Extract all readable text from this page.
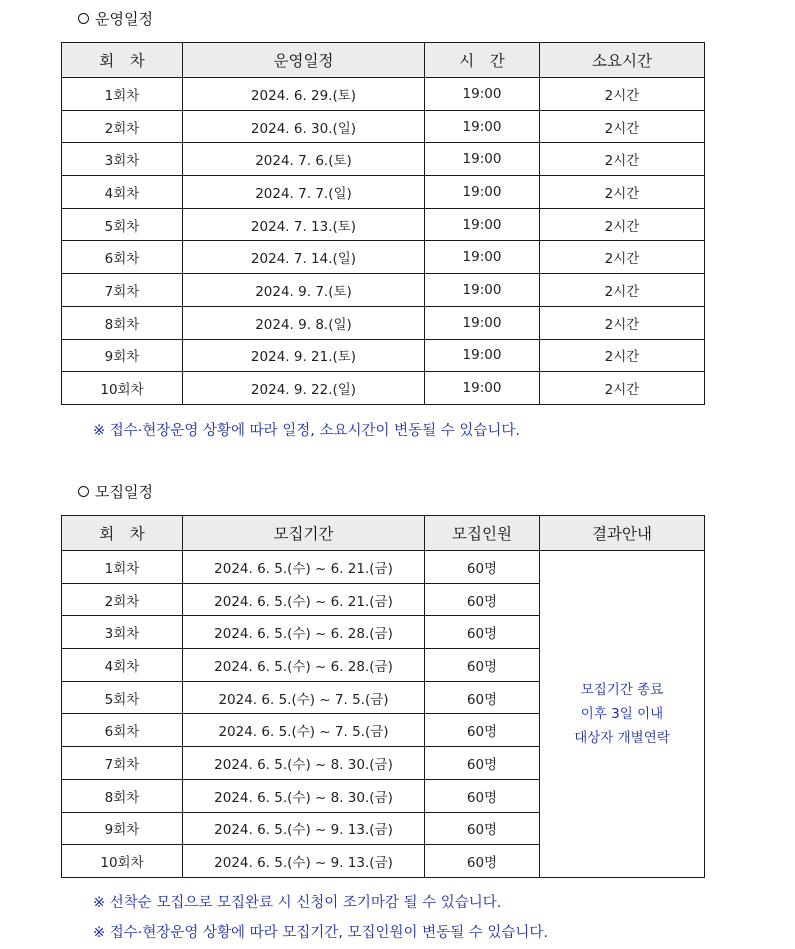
운영일정
회　차	운영일정	시　간	소요시간
1회차	2024. 6. 29.(토)	19:00	2시간
2회차	2024. 6. 30.(일)	19:00	2시간
3회차	2024. 7. 6.(토)	19:00	2시간
4회차	2024. 7. 7.(일)	19:00	2시간
5회차	2024. 7. 13.(토)	19:00	2시간
6회차	2024. 7. 14.(일)	19:00	2시간
7회차	2024. 9. 7.(토)	19:00	2시간
8회차	2024. 9. 8.(일)	19:00	2시간
9회차	2024. 9. 21.(토)	19:00	2시간
10회차	2024. 9. 22.(일)	19:00	2시간
※ 접수·현장운영 상황에 따라 일정, 소요시간이 변동될 수 있습니다.
모집일정
회　차	모집기간	모집인원	결과안내
1회차	2024. 6. 5.(수) ~ 6. 21.(금)	60명	모집기간 종료
이후 3일 이내
대상자 개별연락

2회차	2024. 6. 5.(수) ~ 6. 21.(금)	60명	
3회차	2024. 6. 5.(수) ~ 6. 28.(금)	60명	
4회차	2024. 6. 5.(수) ~ 6. 28.(금)	60명	
5회차	2024. 6. 5.(수) ~ 7. 5.(금)	60명	
6회차	2024. 6. 5.(수) ~ 7. 5.(금)	60명	
7회차	2024. 6. 5.(수) ~ 8. 30.(금)	60명	
8회차	2024. 6. 5.(수) ~ 8. 30.(금)	60명	
9회차	2024. 6. 5.(수) ~ 9. 13.(금)	60명	
10회차	2024. 6. 5.(수) ~ 9. 13.(금)	60명	
※ 선착순 모집으로 모집완료 시 신청이 조기마감 될 수 있습니다.
※ 접수·현장운영 상황에 따라 모집기간, 모집인원이 변동될 수 있습니다.
